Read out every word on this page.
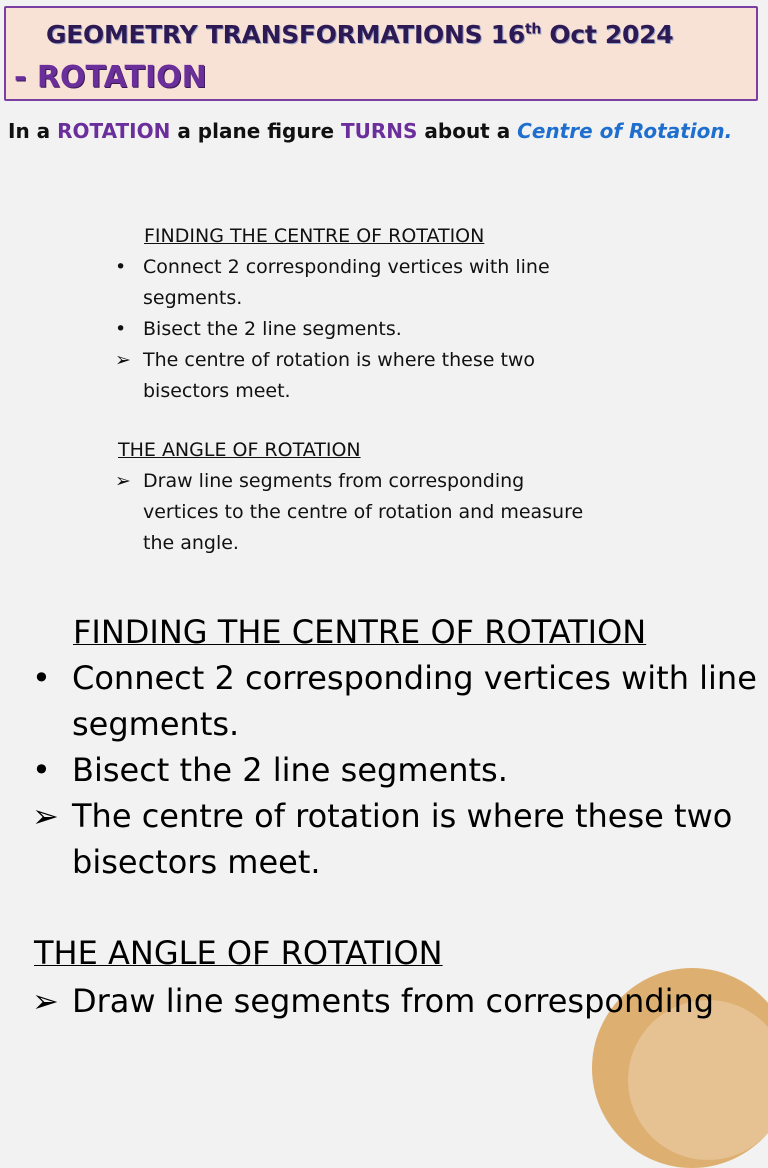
GEOMETRY TRANSFORMATIONS 16th Oct 2024
- ROTATION
In a ROTATION a plane figure TURNS about a Centre of Rotation.
FINDING THE CENTRE OF ROTATION
• Connect 2 corresponding vertices with line segments.
• Bisect the 2 line segments.
➢ The centre of rotation is where these two bisectors meet.
THE ANGLE OF ROTATION
➢ Draw line segments from corresponding vertices to the centre of rotation and measure the angle.
FINDING THE CENTRE OF ROTATION
• Connect 2 corresponding vertices with line segments.
• Bisect the 2 line segments.
➢ The centre of rotation is where these two bisectors meet.
THE ANGLE OF ROTATION
➢ Draw line segments from corresponding
